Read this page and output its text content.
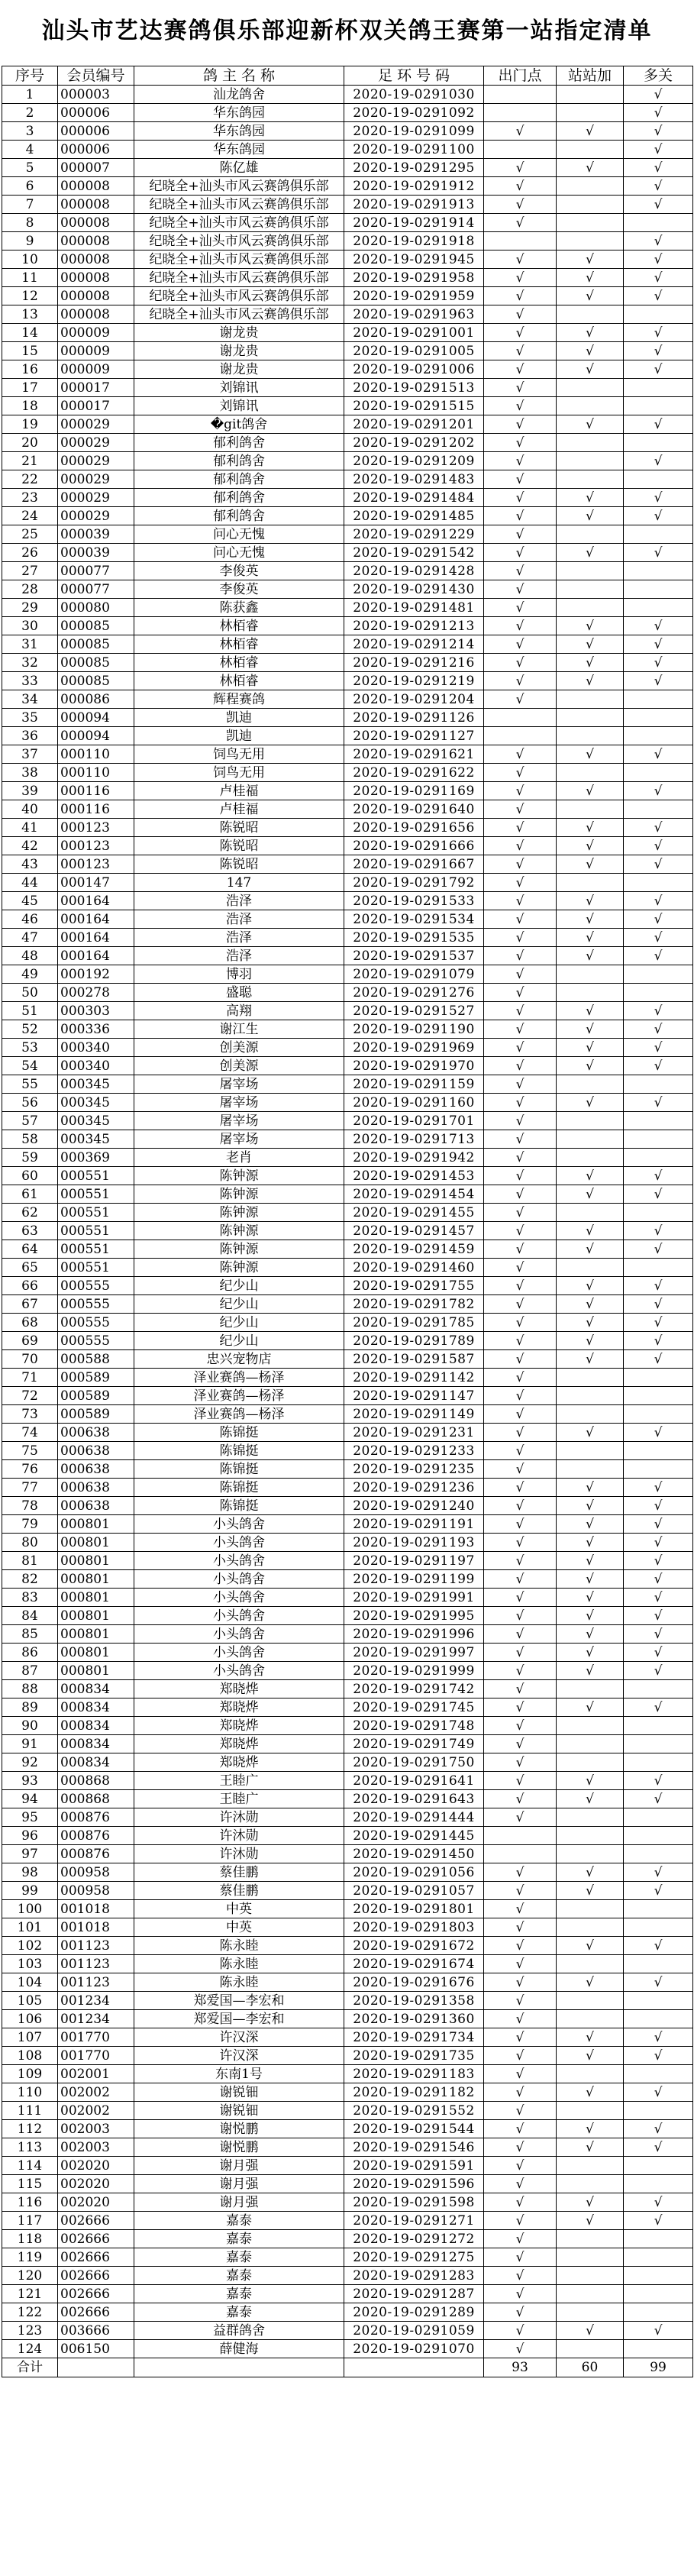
汕头市艺达赛鸽俱乐部迎新杯双关鸽王赛第一站指定清单
序号	会员编号	鸽 主 名 称	足 环 号 码	出门点	站站加	多关
1	000003	汕龙鸽舍	2020-19-0291030			√
2	000006	华东鸽园	2020-19-0291092			√
3	000006	华东鸽园	2020-19-0291099	√	√	√
4	000006	华东鸽园	2020-19-0291100			√
5	000007	陈亿雄	2020-19-0291295	√	√	√
6	000008	纪晓全+汕头市风云赛鸽俱乐部	2020-19-0291912	√		√
7	000008	纪晓全+汕头市风云赛鸽俱乐部	2020-19-0291913	√		√
8	000008	纪晓全+汕头市风云赛鸽俱乐部	2020-19-0291914	√		
9	000008	纪晓全+汕头市风云赛鸽俱乐部	2020-19-0291918			√
10	000008	纪晓全+汕头市风云赛鸽俱乐部	2020-19-0291945	√	√	√
11	000008	纪晓全+汕头市风云赛鸽俱乐部	2020-19-0291958	√	√	√
12	000008	纪晓全+汕头市风云赛鸽俱乐部	2020-19-0291959	√	√	√
13	000008	纪晓全+汕头市风云赛鸽俱乐部	2020-19-0291963	√		
14	000009	谢龙贵	2020-19-0291001	√	√	√
15	000009	谢龙贵	2020-19-0291005	√	√	√
16	000009	谢龙贵	2020-19-0291006	√	√	√
17	000017	刘锦讯	2020-19-0291513	√		
18	000017	刘锦讯	2020-19-0291515	√		
19	000029	�git鸽舍	2020-19-0291201	√	√	√
20	000029	郁利鸽舍	2020-19-0291202	√		
21	000029	郁利鸽舍	2020-19-0291209	√		√
22	000029	郁利鸽舍	2020-19-0291483	√		
23	000029	郁利鸽舍	2020-19-0291484	√	√	√
24	000029	郁利鸽舍	2020-19-0291485	√	√	√
25	000039	问心无愧	2020-19-0291229	√		
26	000039	问心无愧	2020-19-0291542	√	√	√
27	000077	李俊英	2020-19-0291428	√		
28	000077	李俊英	2020-19-0291430	√		
29	000080	陈获鑫	2020-19-0291481	√		
30	000085	林栢睿	2020-19-0291213	√	√	√
31	000085	林栢睿	2020-19-0291214	√	√	√
32	000085	林栢睿	2020-19-0291216	√	√	√
33	000085	林栢睿	2020-19-0291219	√	√	√
34	000086	辉程赛鸽	2020-19-0291204	√		
35	000094	凯迪	2020-19-0291126			
36	000094	凯迪	2020-19-0291127			
37	000110	饲鸟无用	2020-19-0291621	√	√	√
38	000110	饲鸟无用	2020-19-0291622	√		
39	000116	卢桂福	2020-19-0291169	√	√	√
40	000116	卢桂福	2020-19-0291640	√		
41	000123	陈锐昭	2020-19-0291656	√	√	√
42	000123	陈锐昭	2020-19-0291666	√	√	√
43	000123	陈锐昭	2020-19-0291667	√	√	√
44	000147	147	2020-19-0291792	√		
45	000164	浩泽	2020-19-0291533	√	√	√
46	000164	浩泽	2020-19-0291534	√	√	√
47	000164	浩泽	2020-19-0291535	√	√	√
48	000164	浩泽	2020-19-0291537	√	√	√
49	000192	博羽	2020-19-0291079	√		
50	000278	盛聪	2020-19-0291276	√		
51	000303	高翔	2020-19-0291527	√	√	√
52	000336	谢江生	2020-19-0291190	√	√	√
53	000340	创美源	2020-19-0291969	√	√	√
54	000340	创美源	2020-19-0291970	√	√	√
55	000345	屠宰场	2020-19-0291159	√		
56	000345	屠宰场	2020-19-0291160	√	√	√
57	000345	屠宰场	2020-19-0291701	√		
58	000345	屠宰场	2020-19-0291713	√		
59	000369	老肖	2020-19-0291942	√		
60	000551	陈钟源	2020-19-0291453	√	√	√
61	000551	陈钟源	2020-19-0291454	√	√	√
62	000551	陈钟源	2020-19-0291455	√		
63	000551	陈钟源	2020-19-0291457	√	√	√
64	000551	陈钟源	2020-19-0291459	√	√	√
65	000551	陈钟源	2020-19-0291460	√		
66	000555	纪少山	2020-19-0291755	√	√	√
67	000555	纪少山	2020-19-0291782	√	√	√
68	000555	纪少山	2020-19-0291785	√	√	√
69	000555	纪少山	2020-19-0291789	√	√	√
70	000588	忠兴宠物店	2020-19-0291587	√	√	√
71	000589	泽业赛鸽—杨泽	2020-19-0291142	√		
72	000589	泽业赛鸽—杨泽	2020-19-0291147	√		
73	000589	泽业赛鸽—杨泽	2020-19-0291149	√		
74	000638	陈锦挺	2020-19-0291231	√	√	√
75	000638	陈锦挺	2020-19-0291233	√		
76	000638	陈锦挺	2020-19-0291235	√		
77	000638	陈锦挺	2020-19-0291236	√	√	√
78	000638	陈锦挺	2020-19-0291240	√	√	√
79	000801	小头鸽舍	2020-19-0291191	√	√	√
80	000801	小头鸽舍	2020-19-0291193	√	√	√
81	000801	小头鸽舍	2020-19-0291197	√	√	√
82	000801	小头鸽舍	2020-19-0291199	√	√	√
83	000801	小头鸽舍	2020-19-0291991	√	√	√
84	000801	小头鸽舍	2020-19-0291995	√	√	√
85	000801	小头鸽舍	2020-19-0291996	√	√	√
86	000801	小头鸽舍	2020-19-0291997	√	√	√
87	000801	小头鸽舍	2020-19-0291999	√	√	√
88	000834	郑晓烨	2020-19-0291742	√		
89	000834	郑晓烨	2020-19-0291745	√	√	√
90	000834	郑晓烨	2020-19-0291748	√		
91	000834	郑晓烨	2020-19-0291749	√		
92	000834	郑晓烨	2020-19-0291750	√		
93	000868	王睦广	2020-19-0291641	√	√	√
94	000868	王睦广	2020-19-0291643	√	√	√
95	000876	许沐勋	2020-19-0291444	√		
96	000876	许沐勋	2020-19-0291445			
97	000876	许沐勋	2020-19-0291450			
98	000958	蔡佳鹏	2020-19-0291056	√	√	√
99	000958	蔡佳鹏	2020-19-0291057	√	√	√
100	001018	中英	2020-19-0291801	√		
101	001018	中英	2020-19-0291803	√		
102	001123	陈永睦	2020-19-0291672	√	√	√
103	001123	陈永睦	2020-19-0291674	√		
104	001123	陈永睦	2020-19-0291676	√	√	√
105	001234	郑爱国—李宏和	2020-19-0291358	√		
106	001234	郑爱国—李宏和	2020-19-0291360	√		
107	001770	许汉深	2020-19-0291734	√	√	√
108	001770	许汉深	2020-19-0291735	√	√	√
109	002001	东南1号	2020-19-0291183	√		
110	002002	谢锐钿	2020-19-0291182	√	√	√
111	002002	谢锐钿	2020-19-0291552	√		
112	002003	谢悦鹏	2020-19-0291544	√	√	√
113	002003	谢悦鹏	2020-19-0291546	√	√	√
114	002020	谢月强	2020-19-0291591	√		
115	002020	谢月强	2020-19-0291596	√		
116	002020	谢月强	2020-19-0291598	√	√	√
117	002666	嘉泰	2020-19-0291271	√	√	√
118	002666	嘉泰	2020-19-0291272	√		
119	002666	嘉泰	2020-19-0291275	√		
120	002666	嘉泰	2020-19-0291283	√		
121	002666	嘉泰	2020-19-0291287	√		
122	002666	嘉泰	2020-19-0291289	√		
123	003666	益群鸽舍	2020-19-0291059	√	√	√
124	006150	薛健海	2020-19-0291070	√		
合计				93	60	99
